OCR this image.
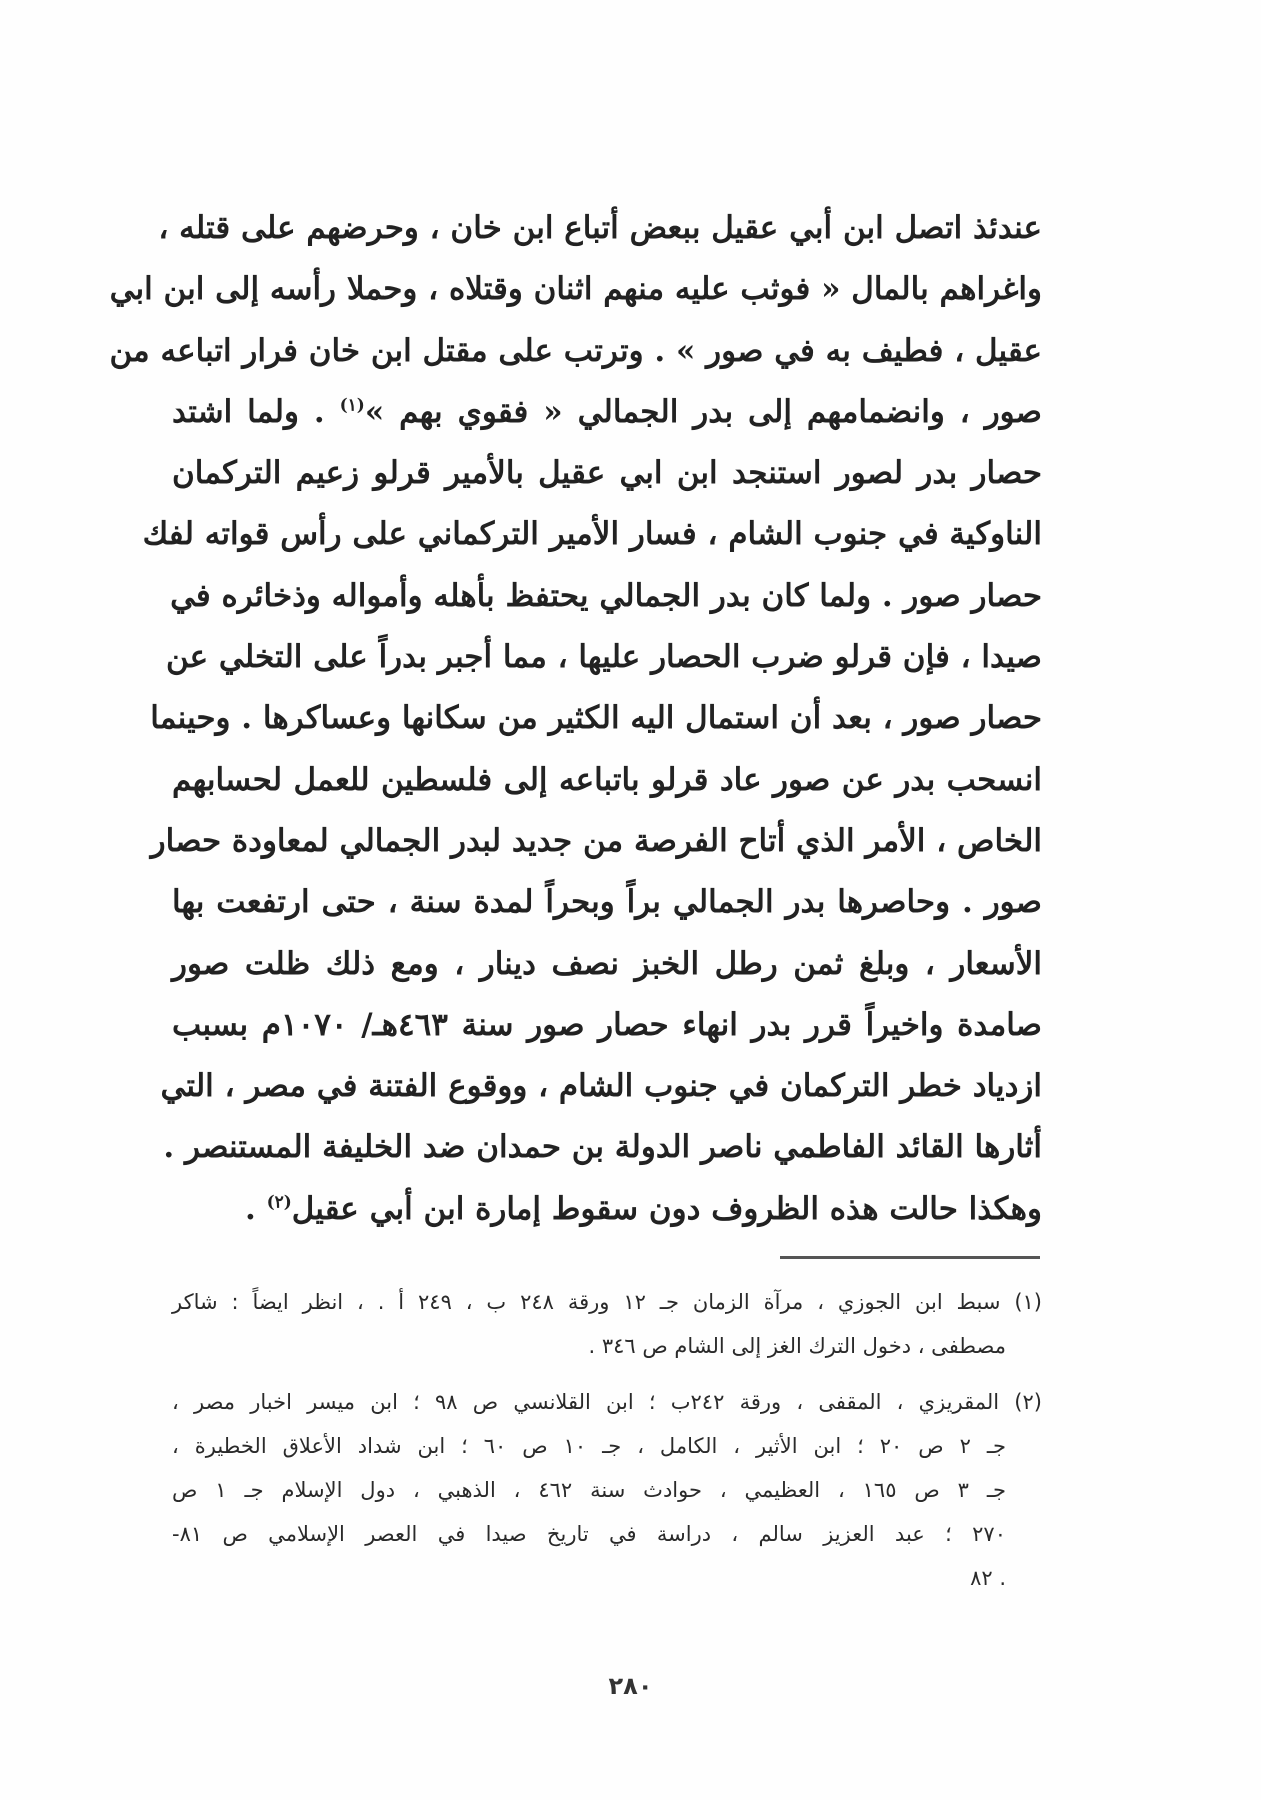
عندئذ اتصل ابن أبي عقيل ببعض أتباع ابن خان ، وحرضهم على قتله ،
واغراهم بالمال « فوثب عليه منهم اثنان وقتلاه ، وحملا رأسه إلى ابن ابي
عقيل ، فطيف به في صور » . وترتب على مقتل ابن خان فرار اتباعه من
صور ، وانضمامهم إلى بدر الجمالي « فقوي بهم »$^{(١)}$ . ولما اشتد
حصار بدر لصور استنجد ابن ابي عقيل بالأمير قرلو زعيم التركمان
الناوكية في جنوب الشام ، فسار الأمير التركماني على رأس قواته لفك
حصار صور . ولما كان بدر الجمالي يحتفظ بأهله وأمواله وذخائره في
صيدا ، فإن قرلو ضرب الحصار عليها ، مما أجبر بدراً على التخلي عن
حصار صور ، بعد أن استمال اليه الكثير من سكانها وعساكرها . وحينما
انسحب بدر عن صور عاد قرلو باتباعه إلى فلسطين للعمل لحسابهم
الخاص ، الأمر الذي أتاح الفرصة من جديد لبدر الجمالي لمعاودة حصار
صور . وحاصرها بدر الجمالي براً وبحراً لمدة سنة ، حتى ارتفعت بها
الأسعار ، وبلغ ثمن رطل الخبز نصف دينار ، ومع ذلك ظلت صور
صامدة واخيراً قرر بدر انهاء حصار صور سنة ٤٦٣هـ/ ١٠٧٠م بسبب
ازدياد خطر التركمان في جنوب الشام ، ووقوع الفتنة في مصر ، التي
أثارها القائد الفاطمي ناصر الدولة بن حمدان ضد الخليفة المستنصر .
وهكذا حالت هذه الظروف دون سقوط إمارة ابن أبي عقيل$^{(٢)}$ .
(١) سبط ابن الجوزي ، مرآة الزمان جـ ١٢ ورقة ٢٤٨ ب ، ٢٤٩ أ . ، انظر ايضاً : شاكر
مصطفى ، دخول الترك الغز إلى الشام ص ٣٤٦ .
(٢) المقريزي ، المقفى ، ورقة ٢٤٢ب ؛ ابن القلانسي ص ٩٨ ؛ ابن ميسر اخبار مصر ،
جـ ٢ ص ٢٠ ؛ ابن الأثير ، الكامل ، جـ ١٠ ص ٦٠ ؛ ابن شداد الأعلاق الخطيرة ،
جـ ٣ ص ١٦٥ ، العظيمي ، حوادث سنة ٤٦٢ ، الذهبي ، دول الإسلام جـ ١ ص
٢٧٠ ؛ عبد العزيز سالم ، دراسة في تاريخ صيدا في العصر الإسلامي ص ٨١-
. ٨٢
٢٨٠
